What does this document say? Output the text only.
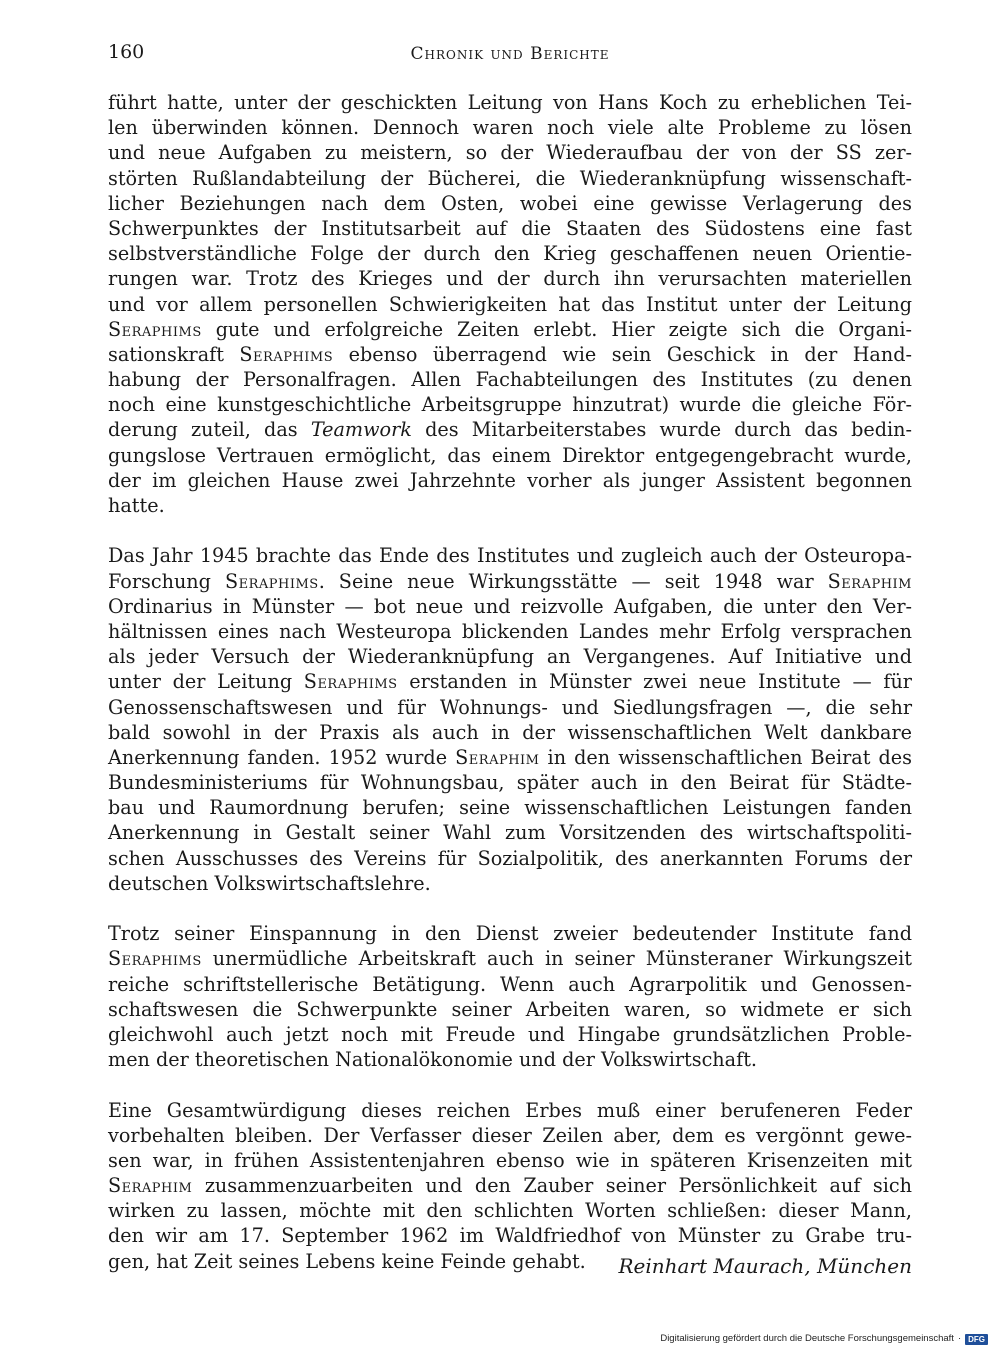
160	Chronik und Berichte
führt hatte, unter der geschickten Leitung von Hans Koch zu erheblichen Tei-
len überwinden können. Dennoch waren noch viele alte Probleme zu lösen
und neue Aufgaben zu meistern, so der Wiederaufbau der von der SS zer-
störten Rußlandabteilung der Bücherei, die Wiederanknüpfung wissenschaft-
licher Beziehungen nach dem Osten, wobei eine gewisse Verlagerung des
Schwerpunktes der Institutsarbeit auf die Staaten des Südostens eine fast
selbstverständliche Folge der durch den Krieg geschaffenen neuen Orientie-
rungen war. Trotz des Krieges und der durch ihn verursachten materiellen
und vor allem personellen Schwierigkeiten hat das Institut unter der Leitung
Seraphims gute und erfolgreiche Zeiten erlebt. Hier zeigte sich die Organi-
sationskraft Seraphims ebenso überragend wie sein Geschick in der Hand-
habung der Personalfragen. Allen Fachabteilungen des Institutes (zu denen
noch eine kunstgeschichtliche Arbeitsgruppe hinzutrat) wurde die gleiche För-
derung zuteil, das Teamwork des Mitarbeiterstabes wurde durch das bedin-
gungslose Vertrauen ermöglicht, das einem Direktor entgegengebracht wurde,
der im gleichen Hause zwei Jahrzehnte vorher als junger Assistent begonnen
hatte.
Das Jahr 1945 brachte das Ende des Institutes und zugleich auch der Osteuropa-
Forschung Seraphims. Seine neue Wirkungsstätte — seit 1948 war Seraphim
Ordinarius in Münster — bot neue und reizvolle Aufgaben, die unter den Ver-
hältnissen eines nach Westeuropa blickenden Landes mehr Erfolg versprachen
als jeder Versuch der Wiederanknüpfung an Vergangenes. Auf Initiative und
unter der Leitung Seraphims erstanden in Münster zwei neue Institute — für
Genossenschaftswesen und für Wohnungs- und Siedlungsfragen —, die sehr
bald sowohl in der Praxis als auch in der wissenschaftlichen Welt dankbare
Anerkennung fanden. 1952 wurde Seraphim in den wissenschaftlichen Beirat des
Bundesministeriums für Wohnungsbau, später auch in den Beirat für Städte-
bau und Raumordnung berufen; seine wissenschaftlichen Leistungen fanden
Anerkennung in Gestalt seiner Wahl zum Vorsitzenden des wirtschaftspoliti-
schen Ausschusses des Vereins für Sozialpolitik, des anerkannten Forums der
deutschen Volkswirtschaftslehre.
Trotz seiner Einspannung in den Dienst zweier bedeutender Institute fand
Seraphims unermüdliche Arbeitskraft auch in seiner Münsteraner Wirkungszeit
reiche schriftstellerische Betätigung. Wenn auch Agrarpolitik und Genossen-
schaftswesen die Schwerpunkte seiner Arbeiten waren, so widmete er sich
gleichwohl auch jetzt noch mit Freude und Hingabe grundsätzlichen Proble-
men der theoretischen Nationalökonomie und der Volkswirtschaft.
Eine Gesamtwürdigung dieses reichen Erbes muß einer berufeneren Feder
vorbehalten bleiben. Der Verfasser dieser Zeilen aber, dem es vergönnt gewe-
sen war, in frühen Assistentenjahren ebenso wie in späteren Krisenzeiten mit
Seraphim zusammenzuarbeiten und den Zauber seiner Persönlichkeit auf sich
wirken zu lassen, möchte mit den schlichten Worten schließen: dieser Mann,
den wir am 17. September 1962 im Waldfriedhof von Münster zu Grabe tru-
gen, hat Zeit seines Lebens keine Feinde gehabt.	Reinhart Maurach, München
Digitalisierung gefördert durch die Deutsche Forschungsgemeinschaft · DFG
